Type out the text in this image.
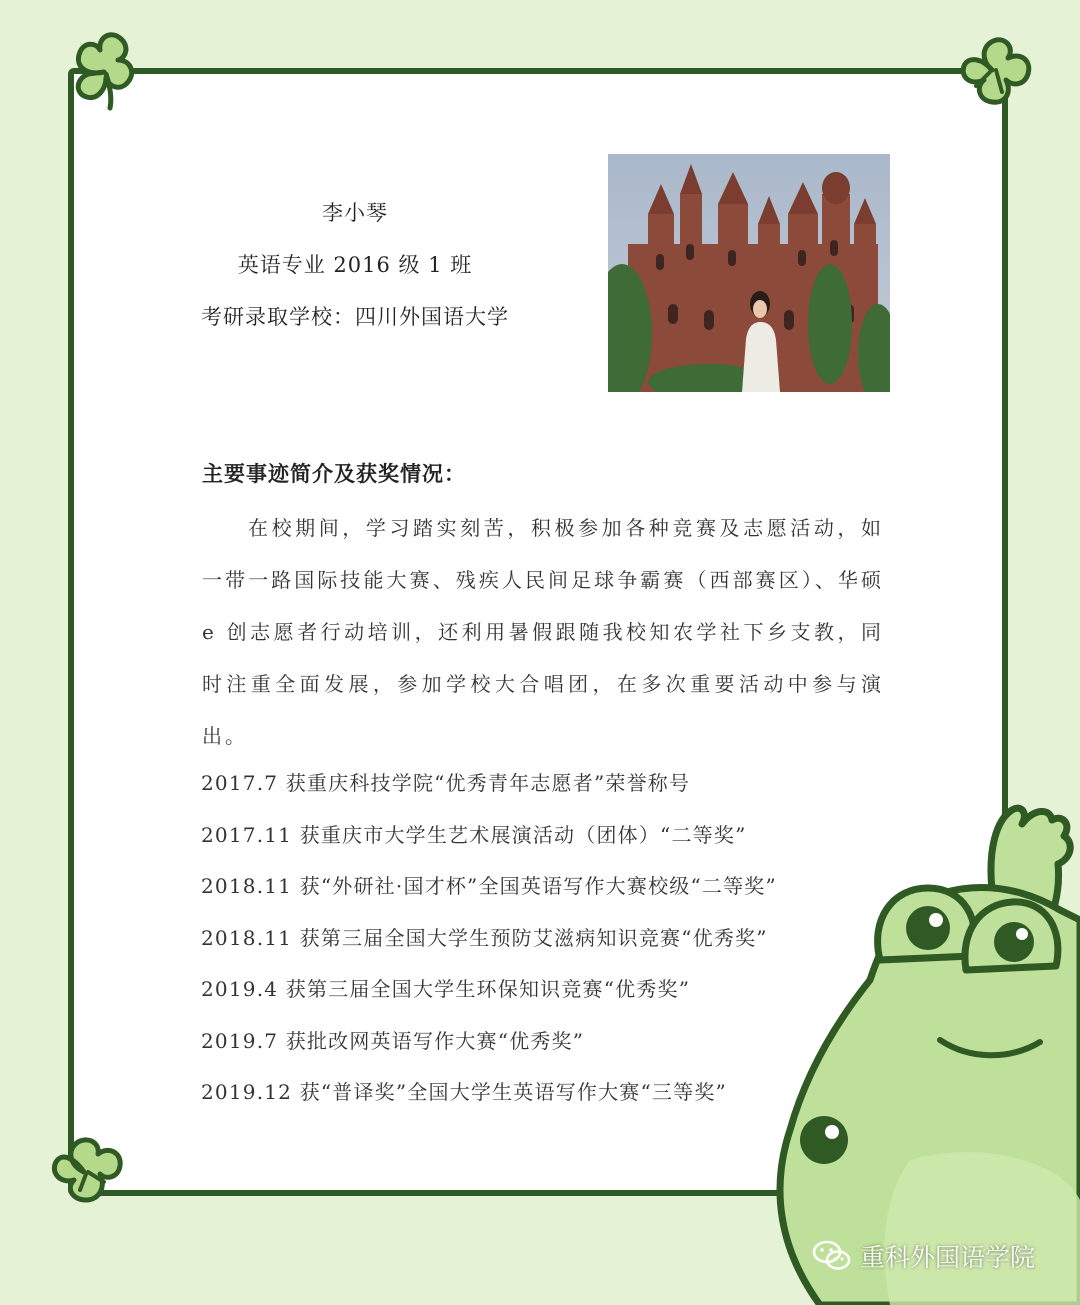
李小琴
英语专业 2016 级 1 班
考研录取学校：四川外国语大学
主要事迹简介及获奖情况：

在校期间，学习踏实刻苦，积极参加各种竞赛及志愿活动，如一带一路国际技能大赛、残疾人民间足球争霸赛（西部赛区）、华硕 e 创志愿者行动培训，还利用暑假跟随我校知农学社下乡支教，同时注重全面发展，参加学校大合唱团，在多次重要活动中参与演出。

2017.7 获重庆科技学院“优秀青年志愿者”荣誉称号
2017.11 获重庆市大学生艺术展演活动（团体）“二等奖”
2018.11 获“外研社·国才杯”全国英语写作大赛校级“二等奖”
2018.11 获第三届全国大学生预防艾滋病知识竞赛“优秀奖”
2019.4 获第三届全国大学生环保知识竞赛“优秀奖”
2019.7 获批改网英语写作大赛“优秀奖”
2019.12 获“普译奖”全国大学生英语写作大赛“三等奖”
重科外国语学院
